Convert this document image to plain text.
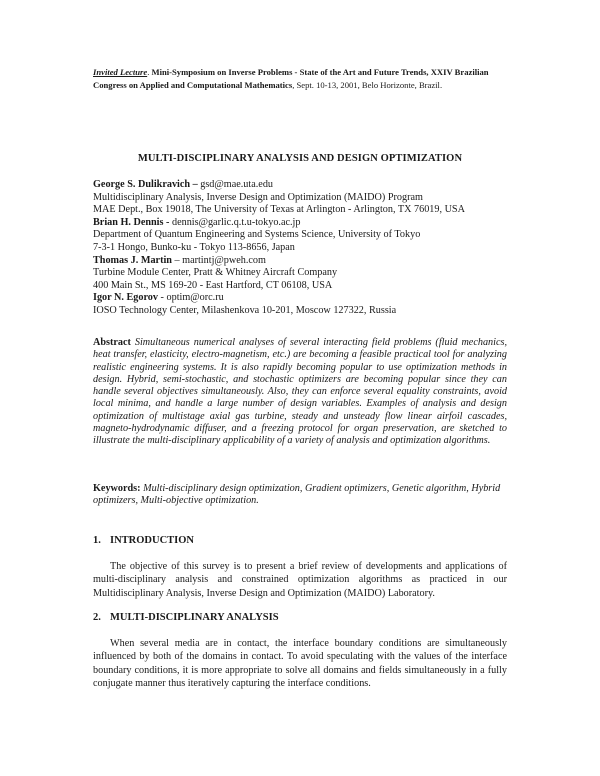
Invited Lecture. Mini-Symposium on Inverse Problems - State of the Art and Future Trends, XXIV Brazilian Congress on Applied and Computational Mathematics, Sept. 10-13, 2001, Belo Horizonte, Brazil.
MULTI-DISCIPLINARY ANALYSIS AND DESIGN OPTIMIZATION
George S. Dulikravich – gsd@mae.uta.edu
Multidisciplinary Analysis, Inverse Design and Optimization (MAIDO) Program
MAE Dept., Box 19018, The University of Texas at Arlington - Arlington, TX 76019, USA
Brian H. Dennis - dennis@garlic.q.t.u-tokyo.ac.jp
Department of Quantum Engineering and Systems Science, University of Tokyo
7-3-1 Hongo, Bunko-ku - Tokyo 113-8656, Japan
Thomas J. Martin – martintj@pweh.com
Turbine Module Center, Pratt & Whitney Aircraft Company
400 Main St., MS 169-20 - East Hartford, CT 06108, USA
Igor N. Egorov - optim@orc.ru
IOSO Technology Center, Milashenkova 10-201, Moscow 127322, Russia
Abstract Simultaneous numerical analyses of several interacting field problems (fluid mechanics, heat transfer, elasticity, electro-magnetism, etc.) are becoming a feasible practical tool for analyzing realistic engineering systems. It is also rapidly becoming popular to use optimization methods in design. Hybrid, semi-stochastic, and stochastic optimizers are becoming popular since they can handle several objectives simultaneously. Also, they can enforce several equality constraints, avoid local minima, and handle a large number of design variables. Examples of analysis and design optimization of multistage axial gas turbine, steady and unsteady flow linear airfoil cascades, magneto-hydrodynamic diffuser, and a freezing protocol for organ preservation, are sketched to illustrate the multi-disciplinary applicability of a variety of analysis and optimization algorithms.
Keywords: Multi-disciplinary design optimization, Gradient optimizers, Genetic algorithm, Hybrid optimizers, Multi-objective optimization.
1. INTRODUCTION
The objective of this survey is to present a brief review of developments and applications of multi-disciplinary analysis and constrained optimization algorithms as practiced in our Multidisciplinary Analysis, Inverse Design and Optimization (MAIDO) Laboratory.
2. MULTI-DISCIPLINARY ANALYSIS
When several media are in contact, the interface boundary conditions are simultaneously influenced by both of the domains in contact. To avoid speculating with the values of the interface boundary conditions, it is more appropriate to solve all domains and fields simultaneously in a fully conjugate manner thus iteratively capturing the interface conditions.
